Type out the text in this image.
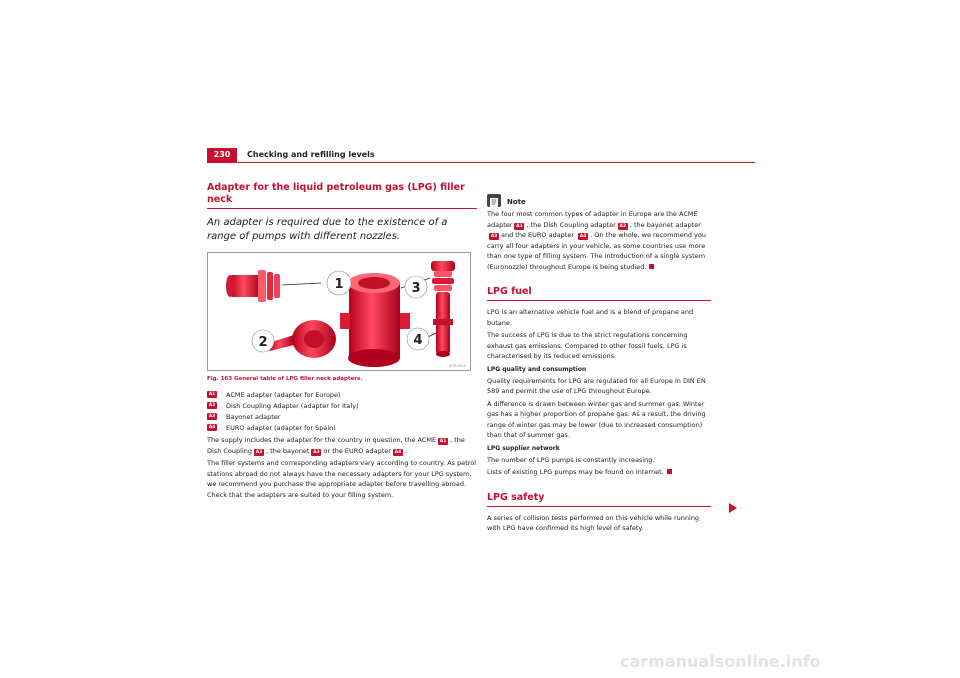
230	Checking and refilling levels
Adapter for the liquid petroleum gas (LPG) filler neck
An adapter is required due to the existence of a range of pumps with different nozzles.
1	3
2	4
B5P-0500
Fig. 163 General table of LPG filler neck adapters.
A1 ACME adapter (adapter for Europe)
A2 Dish Coupling Adapter (adapter for Italy)
A3 Bayonet adapter
A4 EURO adapter (adapter for Spain)

The supply includes the adapter for the country in question, the ACME A1 , the Dish Coupling A2 , the bayonet A3 or the EURO adapter A4 .

The filler systems and corresponding adapters vary according to country. As petrol stations abroad do not always have the necessary adapters for your LPG system, we recommend you purchase the appropriate adapter before travelling abroad. Check that the adapters are suited to your filling system.

Note

The four most common types of adapter in Europe are the ACME adapter A1 , the Dish Coupling adapter A2 , the bayonet adapterA3 and the EURO adapter A4 . On the whole, we recommend you carry all four adapters in your vehicle, as some countries use more than one type of filling system. The introduction of a single system (Euronozzle) throughout Europe is being studied.

LPG fuel

LPG is an alternative vehicle fuel and is a blend of propane and butane.

The success of LPG is due to the strict regulations concerning exhaust gas emissions. Compared to other fossil fuels, LPG is characterised by its reduced emissions.

LPG quality and consumption

Quality requirements for LPG are regulated for all Europe in DIN EN 589 and permit the use of LPG throughout Europe.

A difference is drawn between winter gas and summer gas. Winter gas has a higher proportion of propane gas. As a result, the driving range of winter gas may be lower (due to increased consumption) than that of summer gas.

LPG supplier network

The number of LPG pumps is constantly increasing.

Lists of existing LPG pumps may be found on Internet.

LPG safety

A series of collision tests performed on this vehicle while running with LPG have confirmed its high level of safety.

carmanualsonline.info
